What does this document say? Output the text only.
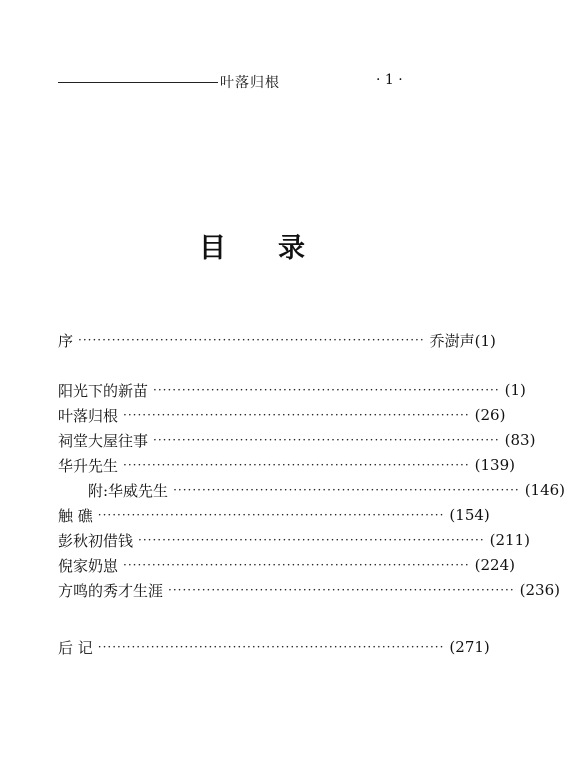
叶落归根	· 1 ·
目录
序 ········································································ 乔澍声(1)
阳光下的新苗 ········································································ (1)
叶落归根 ········································································ (26)
祠堂大屋往事 ········································································ (83)
华升先生 ········································································ (139)
附:华威先生 ········································································ (146)
触 礁 ········································································ (154)
彭秋初借钱 ········································································ (211)
倪家奶崽 ········································································ (224)
方鸣的秀才生涯 ········································································ (236)
后 记 ········································································ (271)
